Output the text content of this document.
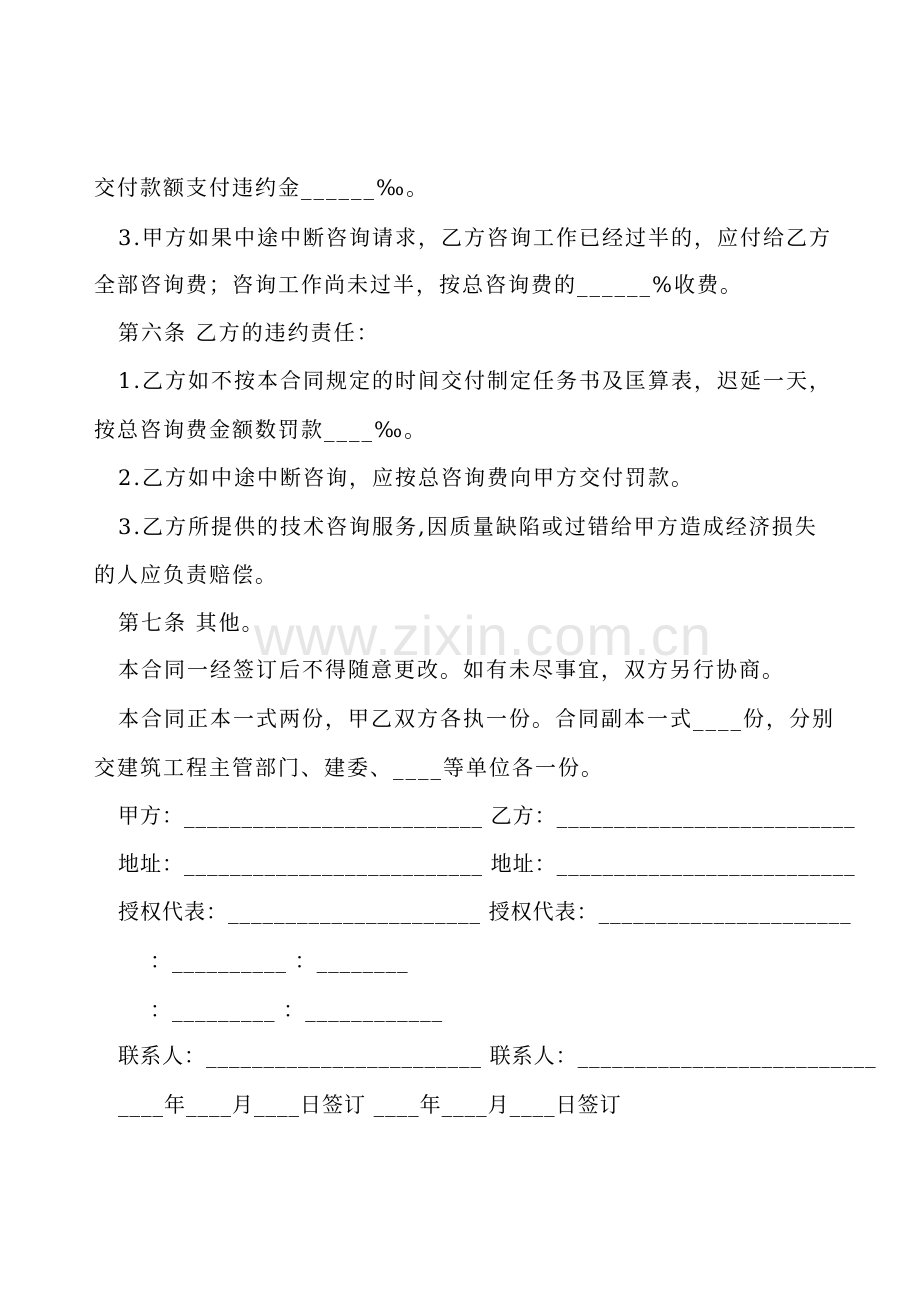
www.zixin.com.cn
交付款额支付违约金______‰。
3.甲方如果中途中断咨询请求，乙方咨询工作已经过半的，应付给乙方
全部咨询费；咨询工作尚未过半，按总咨询费的______%收费。
第六条 乙方的违约责任：
1.乙方如不按本合同规定的时间交付制定任务书及匡算表，迟延一天，
按总咨询费金额数罚款____‰。
2.乙方如中途中断咨询，应按总咨询费向甲方交付罚款。
3.乙方所提供的技术咨询服务,因质量缺陷或过错给甲方造成经济损失
的人应负责赔偿。
第七条 其他。
本合同一经签订后不得随意更改。如有未尽事宜，双方另行协商。
本合同正本一式两份，甲乙双方各执一份。合同副本一式____份，分别
交建筑工程主管部门、建委、____等单位各一份。
甲方：__________________________ 乙方：__________________________
地址：__________________________ 地址：__________________________
授权代表：______________________ 授权代表：______________________
：__________ ：________
：_________ ：____________
联系人：________________________ 联系人：__________________________
____年____月____日签订 ____年____月____日签订
